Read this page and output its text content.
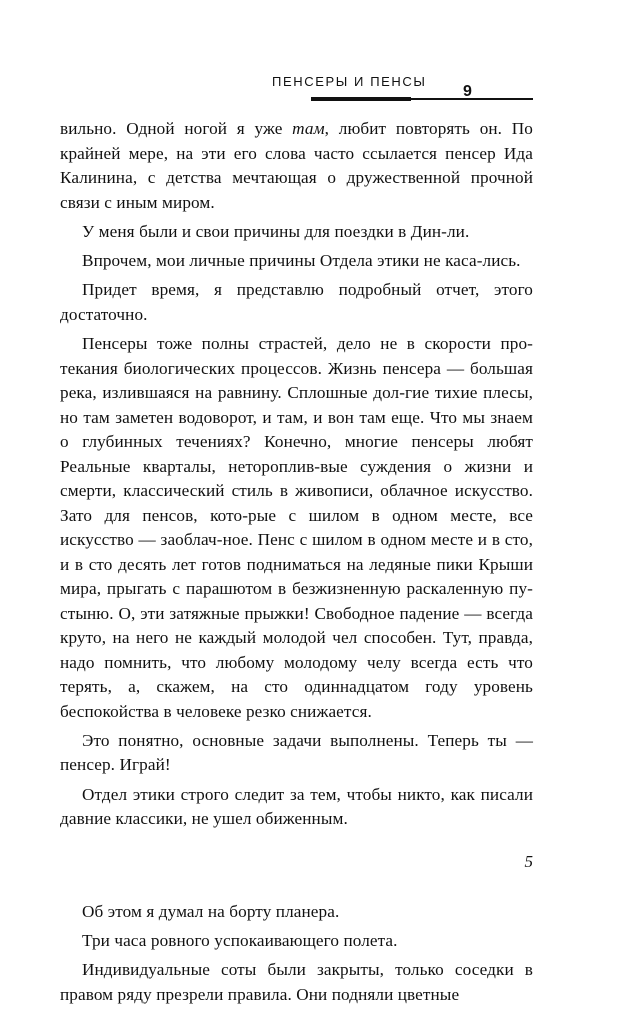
ПЕНСЕРЫ И ПЕНСЫ
9

вильно. Одной ногой я уже там, любит повторять он. По крайней мере, на эти его слова часто ссылается пенсер Ида Калинина, с детства мечтающая о дружественной прочной связи с иным миром.

У меня были и свои причины для поездки в Дин-ли.

Впрочем, мои личные причины Отдела этики не каса-лись.

Придет время, я представлю подробный отчет, этого достаточно.

Пенсеры тоже полны страстей, дело не в скорости про-текания биологических процессов. Жизнь пенсера — большая река, излившаяся на равнину. Сплошные дол-гие тихие плесы, но там заметен водоворот, и там, и вон там еще. Что мы знаем о глубинных течениях? Конечно, многие пенсеры любят Реальные кварталы, нетороплив-вые суждения о жизни и смерти, классический стиль в живописи, облачное искусство. Зато для пенсов, кото-рые с шилом в одном месте, все искусство — заоблач-ное. Пенс с шилом в одном месте и в сто, и в сто десять лет готов подниматься на ледяные пики Крыши мира, прыгать с парашютом в безжизненную раскаленную пу-стыню. О, эти затяжные прыжки! Свободное падение — всегда круто, на него не каждый молодой чел способен. Тут, правда, надо помнить, что любому молодому челу всегда есть что терять, а, скажем, на сто одиннадцатом году уровень беспокойства в человеке резко снижается.

Это понятно, основные задачи выполнены. Теперь ты — пенсер. Играй!

Отдел этики строго следит за тем, чтобы никто, как писали давние классики, не ушел обиженным.

5

Об этом я думал на борту планера.

Три часа ровного успокаивающего полета.

Индивидуальные соты были закрыты, только соседки в правом ряду презрели правила. Они подняли цветные
